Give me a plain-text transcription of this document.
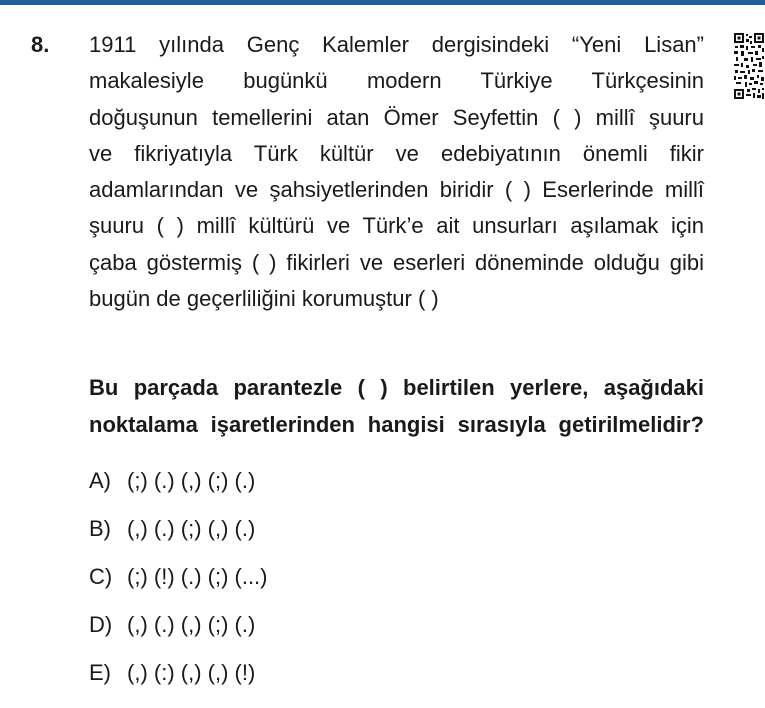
8. 1911 yılında Genç Kalemler dergisindeki “Yeni Lisan”
makalesiyle bugünkü modern Türkiye Türkçesinin
doğuşunun temellerini atan Ömer Seyfettin ( ) millî şuuru
ve fikriyatıyla Türk kültür ve edebiyatının önemli fikir
adamlarından ve şahsiyetlerinden biridir ( ) Eserlerinde millî
şuuru ( ) millî kültürü ve Türk’e ait unsurları aşılamak için
çaba göstermiş ( ) fikirleri ve eserleri döneminde olduğu gibi
bugün de geçerliliğini korumuştur ( )
Bu parçada parantezle ( ) belirtilen yerlere, aşağıdaki
noktalama işaretlerinden hangisi sırasıyla getirilmelidir?
A) (;) (.) (,) (;) (.)
B) (,) (.) (;) (,) (.)
C) (;) (!) (.) (;) (...)
D) (,) (.) (,) (;) (.)
E) (,) (:) (,) (,) (!)
